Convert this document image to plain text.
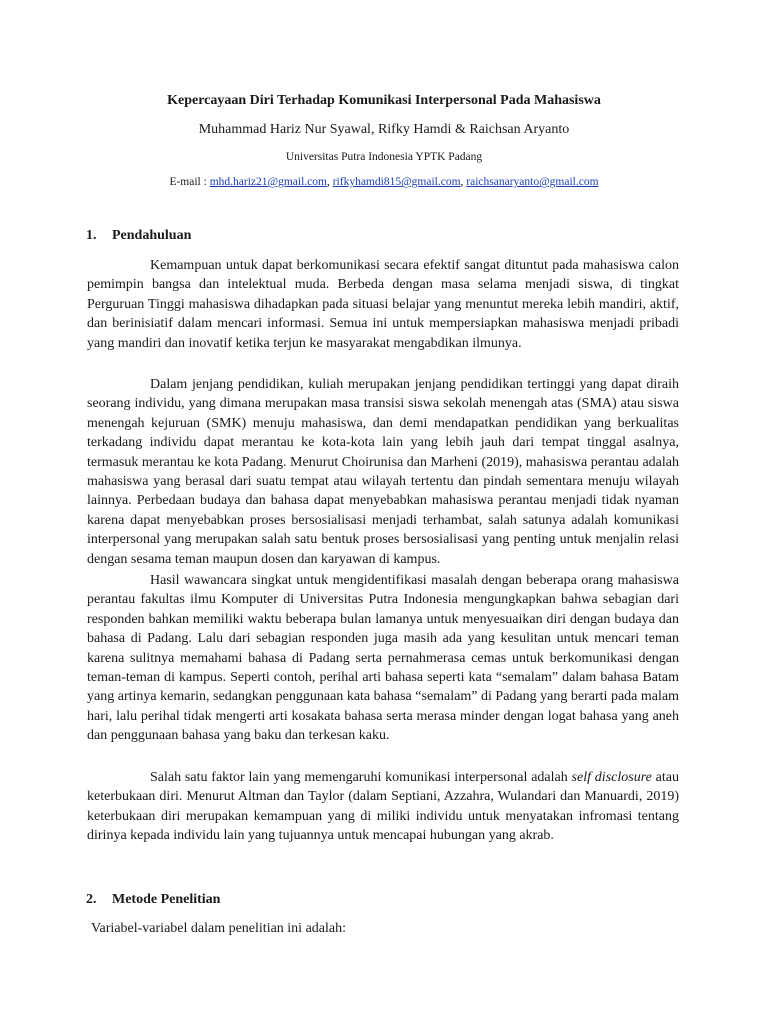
Kepercayaan Diri Terhadap Komunikasi Interpersonal Pada Mahasiswa
Muhammad Hariz Nur Syawal, Rifky Hamdi & Raichsan Aryanto
Universitas Putra Indonesia YPTK Padang
E-mail : mhd.hariz21@gmail.com, rifkyhamdi815@gmail.com, raichsanaryanto@gmail.com
1. Pendahuluan

Kemampuan untuk dapat berkomunikasi secara efektif sangat dituntut pada mahasiswa calon pemimpin bangsa dan intelektual muda. Berbeda dengan masa selama menjadi siswa, di tingkat Perguruan Tinggi mahasiswa dihadapkan pada situasi belajar yang menuntut mereka lebih mandiri, aktif, dan berinisiatif dalam mencari informasi. Semua ini untuk mempersiapkan mahasiswa menjadi pribadi yang mandiri dan inovatif ketika terjun ke masyarakat mengabdikan ilmunya.

Dalam jenjang pendidikan, kuliah merupakan jenjang pendidikan tertinggi yang dapat diraih seorang individu, yang dimana merupakan masa transisi siswa sekolah menengah atas (SMA) atau siswa menengah kejuruan (SMK) menuju mahasiswa, dan demi mendapatkan pendidikan yang berkualitas terkadang individu dapat merantau ke kota-kota lain yang lebih jauh dari tempat tinggal asalnya, termasuk merantau ke kota Padang. Menurut Choirunisa dan Marheni (2019), mahasiswa perantau adalah mahasiswa yang berasal dari suatu tempat atau wilayah tertentu dan pindah sementara menuju wilayah lainnya. Perbedaan budaya dan bahasa dapat menyebabkan mahasiswa perantau menjadi tidak nyaman karena dapat menyebabkan proses bersosialisasi menjadi terhambat, salah satunya adalah komunikasi interpersonal yang merupakan salah satu bentuk proses bersosialisasi yang penting untuk menjalin relasi dengan sesama teman maupun dosen dan karyawan di kampus.

Hasil wawancara singkat untuk mengidentifikasi masalah dengan beberapa orang mahasiswa perantau fakultas ilmu Komputer di Universitas Putra Indonesia mengungkapkan bahwa sebagian dari responden bahkan memiliki waktu beberapa bulan lamanya untuk menyesuaikan diri dengan budaya dan bahasa di Padang. Lalu dari sebagian responden juga masih ada yang kesulitan untuk mencari teman karena sulitnya memahami bahasa di Padang serta pernahmerasa cemas untuk berkomunikasi dengan teman-teman di kampus. Seperti contoh, perihal arti bahasa seperti kata “semalam” dalam bahasa Batam yang artinya kemarin, sedangkan penggunaan kata bahasa “semalam” di Padang yang berarti pada malam hari, lalu perihal tidak mengerti arti kosakata bahasa serta merasa minder dengan logat bahasa yang aneh dan penggunaan bahasa yang baku dan terkesan kaku.

Salah satu faktor lain yang memengaruhi komunikasi interpersonal adalah self disclosure atau keterbukaan diri. Menurut Altman dan Taylor (dalam Septiani, Azzahra, Wulandari dan Manuardi, 2019) keterbukaan diri merupakan kemampuan yang di miliki individu untuk menyatakan infromasi tentang dirinya kepada individu lain yang tujuannya untuk mencapai hubungan yang akrab.

2. Metode Penelitian
Variabel-variabel dalam penelitian ini adalah:
